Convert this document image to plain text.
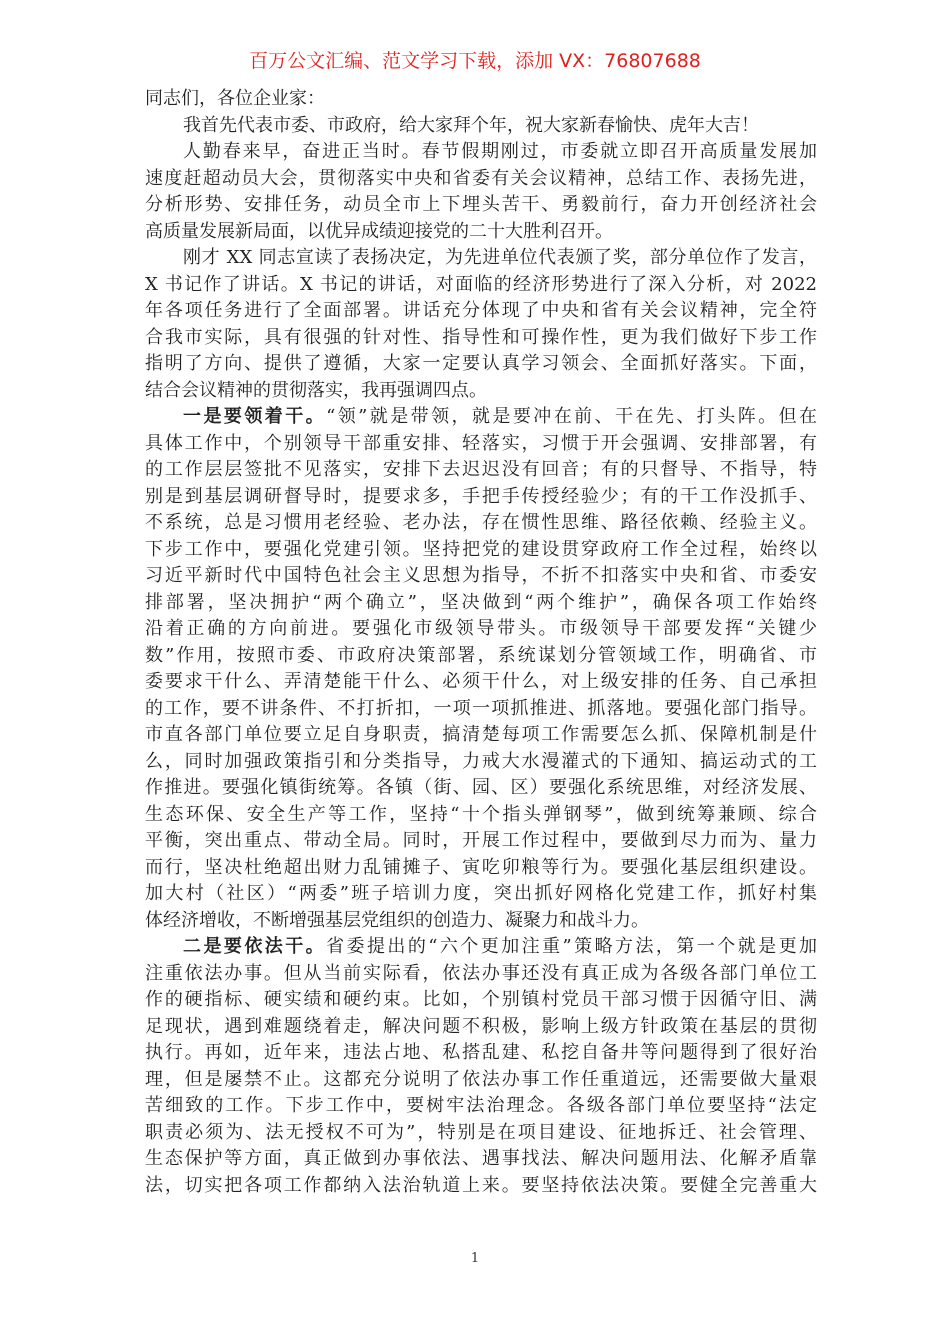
百万公文汇编、范文学习下载，添加 VX：76807688
同志们，各位企业家：
我首先代表市委、市政府，给大家拜个年，祝大家新春愉快、虎年大吉！
人勤春来早，奋进正当时。春节假期刚过，市委就立即召开高质量发展加
速度赶超动员大会，贯彻落实中央和省委有关会议精神，总结工作、表扬先进，
分析形势、安排任务，动员全市上下埋头苦干、勇毅前行，奋力开创经济社会
高质量发展新局面，以优异成绩迎接党的二十大胜利召开。
刚才 XX 同志宣读了表扬决定，为先进单位代表颁了奖，部分单位作了发言，
X 书记作了讲话。X 书记的讲话，对面临的经济形势进行了深入分析，对 2022
年各项任务进行了全面部署。讲话充分体现了中央和省有关会议精神，完全符
合我市实际，具有很强的针对性、指导性和可操作性，更为我们做好下步工作
指明了方向、提供了遵循，大家一定要认真学习领会、全面抓好落实。下面，
结合会议精神的贯彻落实，我再强调四点。
一是要领着干。“领”就是带领，就是要冲在前、干在先、打头阵。但在
具体工作中，个别领导干部重安排、轻落实，习惯于开会强调、安排部署，有
的工作层层签批不见落实，安排下去迟迟没有回音；有的只督导、不指导，特
别是到基层调研督导时，提要求多，手把手传授经验少；有的干工作没抓手、
不系统，总是习惯用老经验、老办法，存在惯性思维、路径依赖、经验主义。
下步工作中，要强化党建引领。坚持把党的建设贯穿政府工作全过程，始终以
习近平新时代中国特色社会主义思想为指导，不折不扣落实中央和省、市委安
排部署，坚决拥护“两个确立”，坚决做到“两个维护”，确保各项工作始终
沿着正确的方向前进。要强化市级领导带头。市级领导干部要发挥“关键少
数”作用，按照市委、市政府决策部署，系统谋划分管领域工作，明确省、市
委要求干什么、弄清楚能干什么、必须干什么，对上级安排的任务、自己承担
的工作，要不讲条件、不打折扣，一项一项抓推进、抓落地。要强化部门指导。
市直各部门单位要立足自身职责，搞清楚每项工作需要怎么抓、保障机制是什
么，同时加强政策指引和分类指导，力戒大水漫灌式的下通知、搞运动式的工
作推进。要强化镇街统筹。各镇（街、园、区）要强化系统思维，对经济发展、
生态环保、安全生产等工作，坚持“十个指头弹钢琴”，做到统筹兼顾、综合
平衡，突出重点、带动全局。同时，开展工作过程中，要做到尽力而为、量力
而行，坚决杜绝超出财力乱铺摊子、寅吃卯粮等行为。要强化基层组织建设。
加大村（社区）“两委”班子培训力度，突出抓好网格化党建工作，抓好村集
体经济增收，不断增强基层党组织的创造力、凝聚力和战斗力。
二是要依法干。省委提出的“六个更加注重”策略方法，第一个就是更加
注重依法办事。但从当前实际看，依法办事还没有真正成为各级各部门单位工
作的硬指标、硬实绩和硬约束。比如，个别镇村党员干部习惯于因循守旧、满
足现状，遇到难题绕着走，解决问题不积极，影响上级方针政策在基层的贯彻
执行。再如，近年来，违法占地、私搭乱建、私挖自备井等问题得到了很好治
理，但是屡禁不止。这都充分说明了依法办事工作任重道远，还需要做大量艰
苦细致的工作。下步工作中，要树牢法治理念。各级各部门单位要坚持“法定
职责必须为、法无授权不可为”，特别是在项目建设、征地拆迁、社会管理、
生态保护等方面，真正做到办事依法、遇事找法、解决问题用法、化解矛盾靠
法，切实把各项工作都纳入法治轨道上来。要坚持依法决策。要健全完善重大
1
